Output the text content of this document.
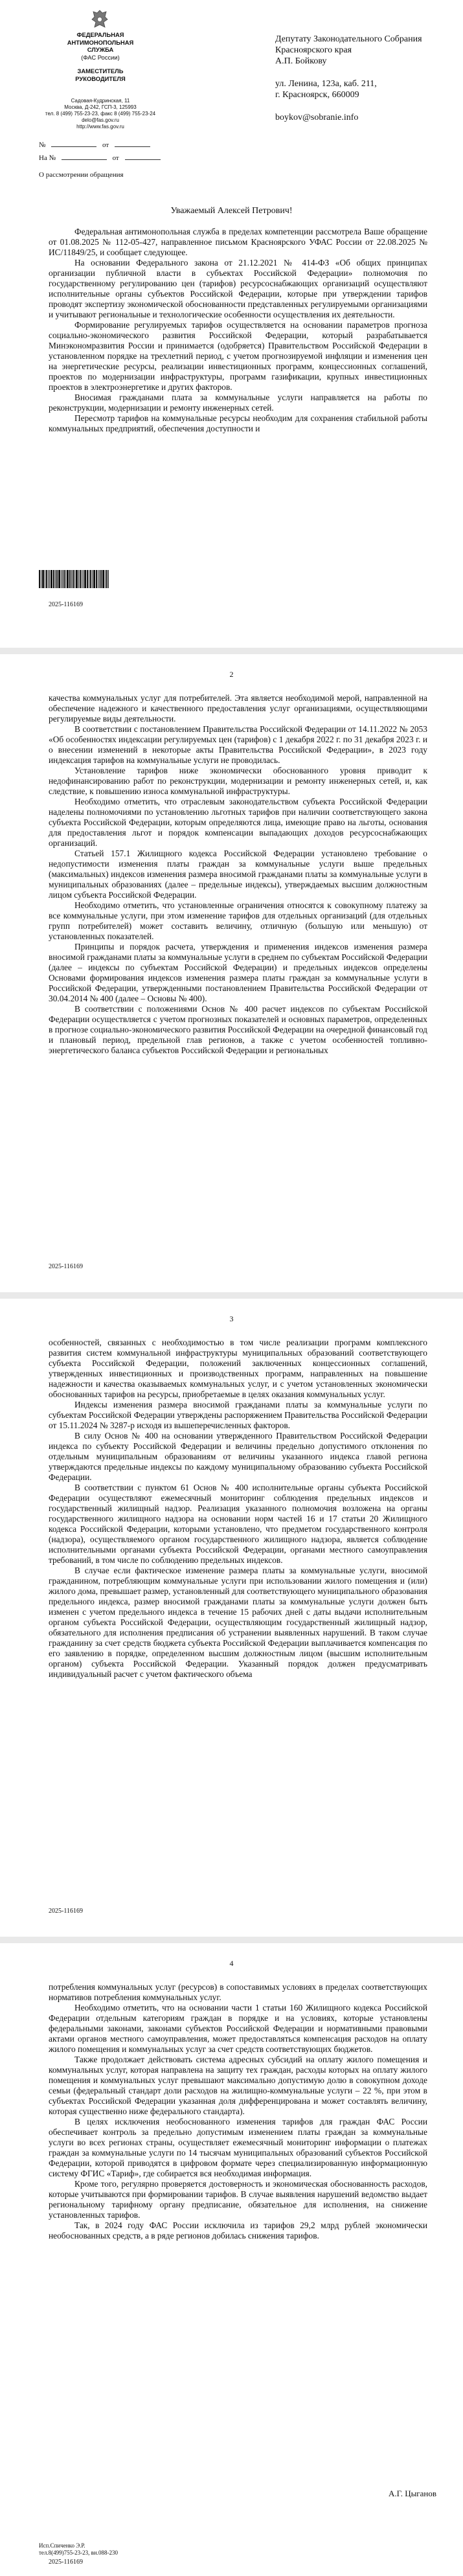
ФЕДЕРАЛЬНАЯ
АНТИМОНОПОЛЬНАЯ
СЛУЖБА
(ФАС России)
ЗАМЕСТИТЕЛЬ
РУКОВОДИТЕЛЯ
Садовая-Кудринская, 11
Москва, Д-242, ГСП-3, 125993
тел. 8 (499) 755-23-23, факс 8 (499) 755-23-24
delo@fas.gov.ru
http://www.fas.gov.ru
№	от
На №	от
О рассмотрении обращения
Депутату Законодательного Собрания
Красноярского края
А.П. Бойкову
ул. Ленина, 123а, каб. 211,
г. Красноярск, 660009
boykov@sobranie.info
Уважаемый Алексей Петрович!

Федеральная антимонопольная служба в пределах компетенции рассмотрела Ваше обращение от 01.08.2025 № 112-05-427, направленное письмом Красноярского УФАС России от 22.08.2025 № ИС/11849/25, и сообщает следующее.

На основании Федерального закона от 21.12.2021 № 414-ФЗ «Об общих принципах организации публичной власти в субъектах Российской Федерации» полномочия по государственному регулированию цен (тарифов) ресурсоснабжающих организаций осуществляют исполнительные органы субъектов Российской Федерации, которые при утверждении тарифов проводят экспертизу экономической обоснованности представленных регулируемыми организациями и учитывают региональные и технологические особенности осуществления их деятельности.

Формирование регулируемых тарифов осуществляется на основании параметров прогноза социально-экономического развития Российской Федерации, который разрабатывается Минэкономразвития России и принимается (одобряется) Правительством Российской Федерации в установленном порядке на трехлетний период, с учетом прогнозируемой инфляции и изменения цен на энергетические ресурсы, реализации инвестиционных программ, концессионных соглашений, проектов по модернизации инфраструктуры, программ газификации, крупных инвестиционных проектов в электроэнергетике и других факторов.

Вносимая гражданами плата за коммунальные услуги направляется на работы по реконструкции, модернизации и ремонту инженерных сетей.

Пересмотр тарифов на коммунальные ресурсы необходим для сохранения стабильной работы коммунальных предприятий, обеспечения доступности и

2025-116169
2

качества коммунальных услуг для потребителей. Эта является необходимой мерой, направленной на обеспечение надежного и качественного предоставления услуг организациями, осуществляющими регулируемые виды деятельности.

В соответствии с постановлением Правительства Российской Федерации от 14.11.2022 № 2053 «Об особенностях индексации регулируемых цен (тарифов) с 1 декабря 2022 г. по 31 декабря 2023 г. и о внесении изменений в некоторые акты Правительства Российской Федерации», в 2023 году индексация тарифов на коммунальные услуги не проводилась.

Установление тарифов ниже экономически обоснованного уровня приводит к недофинансированию работ по реконструкции, модернизации и ремонту инженерных сетей, и, как следствие, к повышению износа коммунальной инфраструктуры.

Необходимо отметить, что отраслевым законодательством субъекта Российской Федерации наделены полномочиями по установлению льготных тарифов при наличии соответствующего закона субъекта Российской Федерации, которым определяются лица, имеющие право на льготы, основания для предоставления льгот и порядок компенсации выпадающих доходов ресурсоснабжающих организаций.

Статьей 157.1 Жилищного кодекса Российской Федерации установлено требование о недопустимости изменения платы граждан за коммунальные услуги выше предельных (максимальных) индексов изменения размера вносимой гражданами платы за коммунальные услуги в муниципальных образованиях (далее – предельные индексы), утверждаемых высшим должностным лицом субъекта Российской Федерации.

Необходимо отметить, что установленные ограничения относятся к совокупному платежу за все коммунальные услуги, при этом изменение тарифов для отдельных организаций (для отдельных групп потребителей) может составить величину, отличную (большую или меньшую) от установленных показателей.

Принципы и порядок расчета, утверждения и применения индексов изменения размера вносимой гражданами платы за коммунальные услуги в среднем по субъектам Российской Федерации (далее – индексы по субъектам Российской Федерации) и предельных индексов определены Основами формирования индексов изменения размера платы граждан за коммунальные услуги в Российской Федерации, утвержденными постановлением Правительства Российской Федерации от 30.04.2014 № 400 (далее – Основы № 400).

В соответствии с положениями Основ № 400 расчет индексов по субъектам Российской Федерации осуществляется с учетом прогнозных показателей и основных параметров, определенных в прогнозе социально-экономического развития Российской Федерации на очередной финансовый год и плановый период, предельной глав регионов, а также с учетом особенностей топливно-энергетического баланса субъектов Российской Федерации и региональных

2025-116169
3

особенностей, связанных с необходимостью в том числе реализации программ комплексного развития систем коммунальной инфраструктуры муниципальных образований соответствующего субъекта Российской Федерации, положений заключенных концессионных соглашений, утвержденных инвестиционных и производственных программ, направленных на повышение надежности и качества оказываемых коммунальных услуг, и с учетом установленных экономически обоснованных тарифов на ресурсы, приобретаемые в целях оказания коммунальных услуг.

Индексы изменения размера вносимой гражданами платы за коммунальные услуги по субъектам Российской Федерации утверждены распоряжением Правительства Российской Федерации от 15.11.2024 № 3287-р исходя из вышеперечисленных факторов.

В силу Основ № 400 на основании утвержденного Правительством Российской Федерации индекса по субъекту Российской Федерации и величины предельно допустимого отклонения по отдельным муниципальным образованиям от величины указанного индекса главой региона утверждаются предельные индексы по каждому муниципальному образованию субъекта Российской Федерации.

В соответствии с пунктом 61 Основ № 400 исполнительные органы субъекта Российской Федерации осуществляют ежемесячный мониторинг соблюдения предельных индексов и государственный жилищный надзор. Реализация указанного полномочия возложена на органы государственного жилищного надзора на основании норм частей 16 и 17 статьи 20 Жилищного кодекса Российской Федерации, которыми установлено, что предметом государственного контроля (надзора), осуществляемого органом государственного жилищного надзора, является соблюдение исполнительными органами субъекта Российской Федерации, органами местного самоуправления требований, в том числе по соблюдению предельных индексов.

В случае если фактическое изменение размера платы за коммунальные услуги, вносимой гражданином, потребляющим коммунальные услуги при использовании жилого помещения и (или) жилого дома, превышает размер, установленный для соответствующего муниципального образования предельного индекса, размер вносимой гражданами платы за коммунальные услуги должен быть изменен с учетом предельного индекса в течение 15 рабочих дней с даты выдачи исполнительным органом субъекта Российской Федерации, осуществляющим государственный жилищный надзор, обязательного для исполнения предписания об устранении выявленных нарушений. В таком случае гражданину за счет средств бюджета субъекта Российской Федерации выплачивается компенсация по его заявлению в порядке, определенном высшим должностным лицом (высшим исполнительным органом) субъекта Российской Федерации. Указанный порядок должен предусматривать индивидуальный расчет с учетом фактического объема

2025-116169
4

потребления коммунальных услуг (ресурсов) в сопоставимых условиях в пределах соответствующих нормативов потребления коммунальных услуг.

Необходимо отметить, что на основании части 1 статьи 160 Жилищного кодекса Российской Федерации отдельным категориям граждан в порядке и на условиях, которые установлены федеральными законами, законами субъектов Российской Федерации и нормативными правовыми актами органов местного самоуправления, может предоставляться компенсация расходов на оплату жилого помещения и коммунальных услуг за счет средств соответствующих бюджетов.

Также продолжает действовать система адресных субсидий на оплату жилого помещения и коммунальных услуг, которая направлена на защиту тех граждан, расходы которых на оплату жилого помещения и коммунальных услуг превышают максимально допустимую долю в совокупном доходе семьи (федеральный стандарт доли расходов на жилищно-коммунальные услуги – 22 %, при этом в субъектах Российской Федерации указанная доля дифференцирована и может составлять величину, которая существенно ниже федерального стандарта).

В целях исключения необоснованного изменения тарифов для граждан ФАС России обеспечивает контроль за предельно допустимым изменением платы граждан за коммунальные услуги во всех регионах страны, осуществляет ежемесячный мониторинг информации о платежах граждан за коммунальные услуги по 14 тысячам муниципальных образований субъектов Российской Федерации, которой приводятся в цифровом формате через специализированную информационную систему ФГИС «Тариф», где собирается вся необходимая информация.

Кроме того, регулярно проверяется достоверность и экономическая обоснованность расходов, которые учитываются при формировании тарифов. В случае выявления нарушений ведомство выдает региональному тарифному органу предписание, обязательное для исполнения, на снижение установленных тарифов.

Так, в 2024 году ФАС России исключила из тарифов 29,2 млрд рублей экономически необоснованных средств, а в ряде регионов добилась снижения тарифов.

2025-116169
А.Г. Цыганов
Исп.Спиченко Э.Р.
тел.8(499)755-23-23, вн.088-230
